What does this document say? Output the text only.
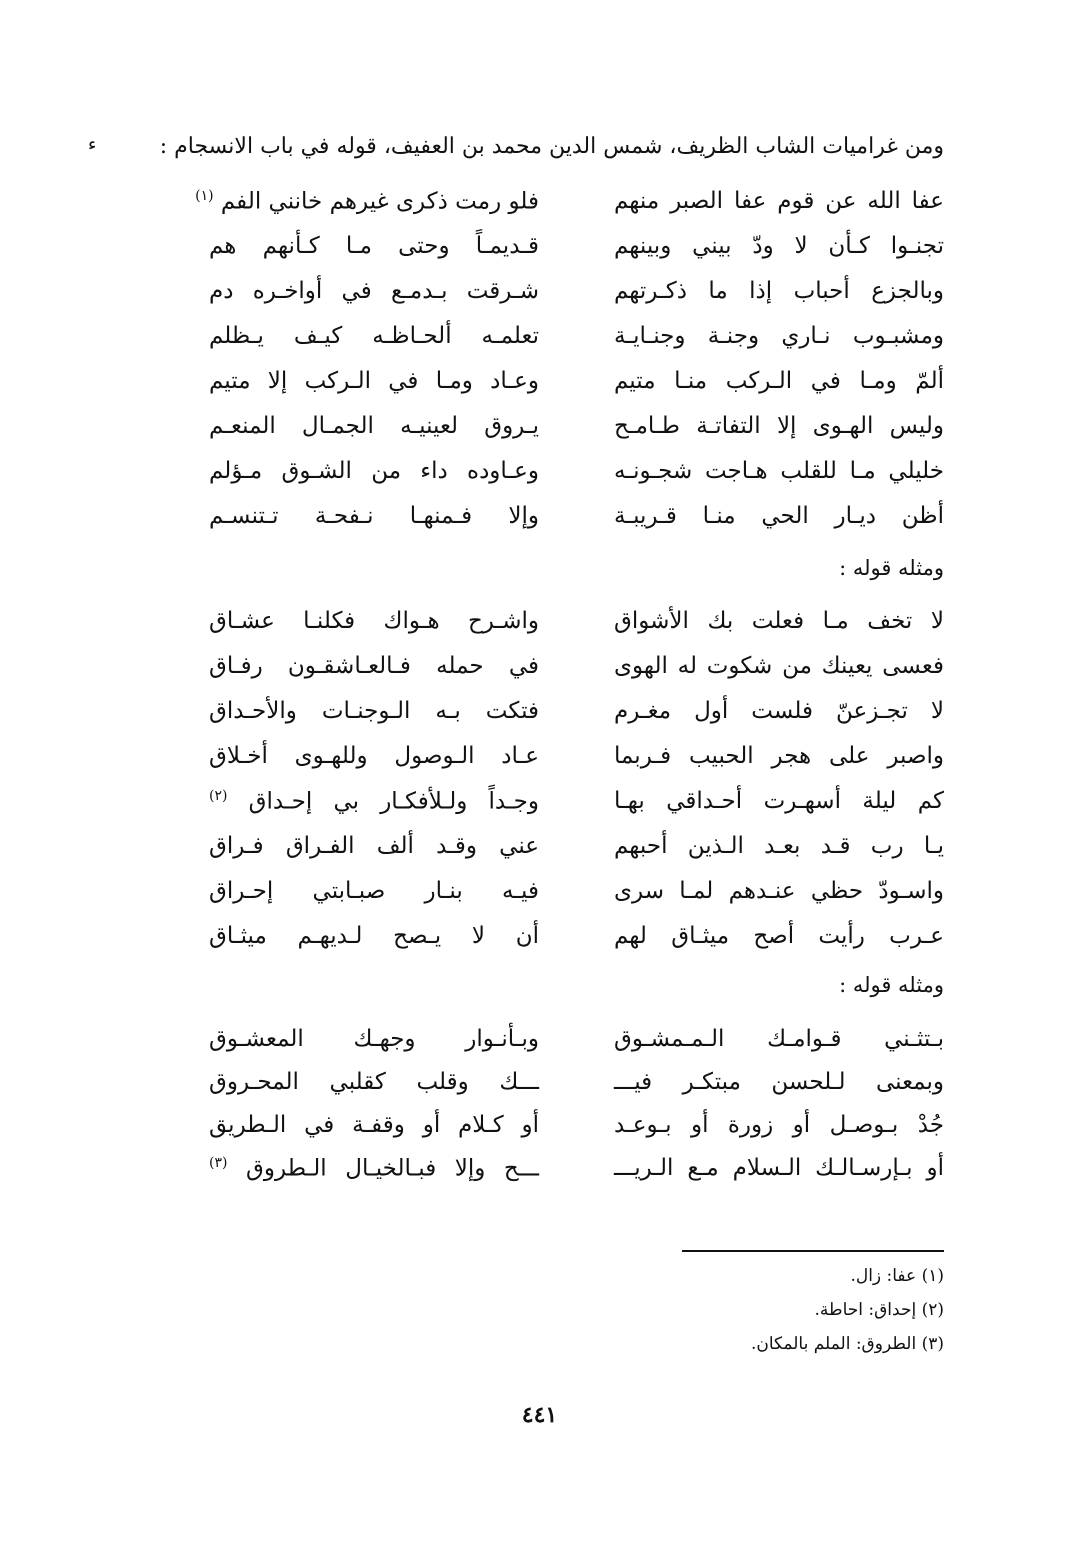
ومن غراميات الشاب الظريف، شمس الدين محمد بن العفيف، قوله في باب الانسجام :
ء
عفا الله عن قوم عفا الصبر منهم
فلو رمت ذكرى غيرهم خانني الفم $^{(١)}$
تجنـوا كـأن لا ودّ بيني وبينهم
قـديمـاً وحتى مـا كـأنهم هم
وبالجزع أحباب إذا ما ذكـرتهم
شـرقت بـدمـع في أواخـره دم
ومشبـوب نـاري وجنـة وجنـايـة
تعلمـه ألحـاظـه كيـف يـظلم
ألمّ ومـا في الـركب منـا متيم
وعـاد ومـا في الـركب إلا متيم
وليس الهـوى إلا التفاتـة طـامـح
يـروق لعينيـه الجمـال المنعـم
خليلي مـا للقلب هـاجت شجـونـه
وعـاوده داء من الشـوق مـؤلم
أظن ديـار الحي منـا قـريبـة
وإلا فـمنهـا نـفحـة تـتنسـم
ومثله قوله :
لا تخف مـا فعلت بك الأشواق
واشـرح هـواك فكلنـا عشـاق
فعسى يعينك من شكوت له الهوى
في حمله فـالعـاشقـون رفـاق
لا تجـزعنّ فلست أول مغـرم
فتكت بـه الـوجنـات والأحـداق
واصبر على هجر الحبيب فـربما
عـاد الـوصول وللهـوى أخـلاق
كم ليلة أسهـرت أحـداقي بهـا
وجـداً ولـلأفكـار بي إحـداق $^{(٢)}$
يـا رب قـد بعـد الـذين أحبهم
عني وقـد ألف الفـراق فـراق
واسـودّ حظي عنـدهم لمـا سرى
فيـه بنـار صبـابتي إحـراق
عـرب رأيت أصح ميثـاق لهم
أن لا يـصح لـديهـم ميثـاق
ومثله قوله :
بـتثـني قـوامـك الـمـمشـوق
وبـأنـوار وجهـك المعشـوق
وبمعنى لـلحسن مبتكـر فيـــ
ـــك وقلب كقلبي المحـروق
جُدْ بـوصـل أو زورة أو بـوعـد
أو كـلام أو وقفـة في الـطريق
أو بـإرسـالـك الـسلام مـع الـريـــ
ـــح وإلا فبـالخيـال الـطروق $^{(٣)}$
(١) عفا: زال.
(٢) إحداق: احاطة.
(٣) الطروق: الملم بالمكان.
٤٤١
